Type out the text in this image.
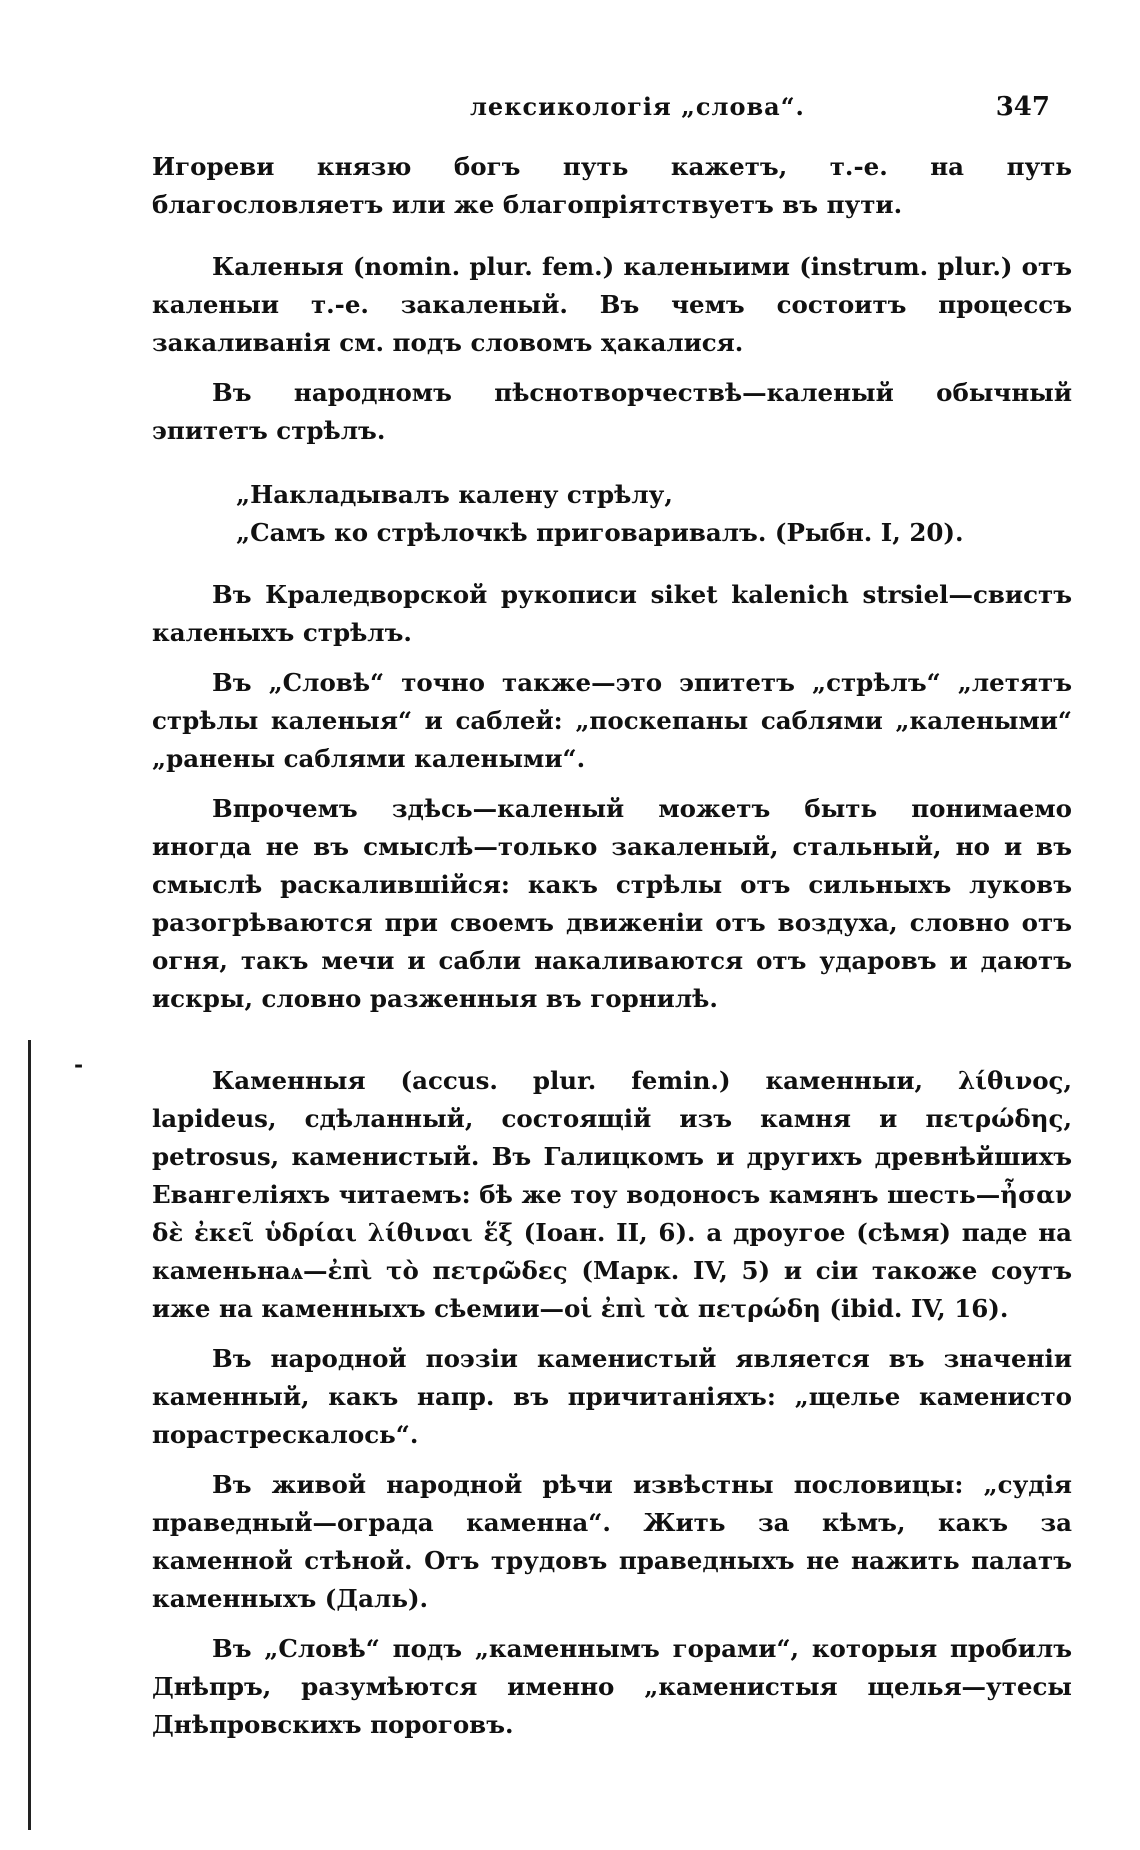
-
лексикологія „слова“.	347

Игореви князю богъ путь кажетъ, т.-е. на путь благословляетъ или же благопріятствуетъ въ пути.

Каленыя (nomin. plur. fem.) каленыими (instrum. plur.) отъ каленыи т.-е. закаленый. Въ чемъ состоитъ процессъ закаливанія см. подъ словомъ ҳакалися.

Въ народномъ пѣснотворчествѣ—каленый обычный эпитетъ стрѣлъ.

„Накладывалъ калену стрѣлу,

„Самъ ко стрѣлочкѣ приговаривалъ. (Рыбн. I, 20).

Въ Краледворской рукописи siket kalenich strsiel—свистъ каленыхъ стрѣлъ.

Въ „Словѣ“ точно также—это эпитетъ „стрѣлъ“ „летятъ стрѣлы каленыя“ и саблей: „поскепаны саблями „калеными“ „ранены саблями калеными“.

Впрочемъ здѣсь—каленый можетъ быть понимаемо иногда не въ смыслѣ—только закаленый, стальный, но и въ смыслѣ раскалившійся: какъ стрѣлы отъ сильныхъ луковъ разогрѣваются при своемъ движеніи отъ воздуха, словно отъ огня, такъ мечи и сабли накаливаются отъ ударовъ и даютъ искры, словно разженныя въ горнилѣ.

Каменныя (accus. plur. femin.) каменныи, λίθινος, lapideus, сдѣланный, состоящій изъ камня и πετρώδης, petrosus, каменистый. Въ Галицкомъ и другихъ древнѣйшихъ Евангеліяхъ читаемъ: бѣ же тоу водоносъ камянъ шесть—ἦσαν δὲ ἐκεῖ ὑδρίαι λίθιναι ἕξ (Іоан. II, 6). а дроугое (сѣмя) паде на каменьнаѧ—ἐπὶ τὸ πετρῶδες (Марк. IV, 5) и сіи такоже соутъ иже на каменныхъ сѣемии—οἱ ἐπὶ τὰ πετρώδη (ibid. IV, 16).

Въ народной поэзіи каменистый является въ значеніи каменный, какъ напр. въ причитаніяхъ: „щелье каменисто порастрескалось“.

Въ живой народной рѣчи извѣстны пословицы: „судія праведный—ограда каменна“. Жить за кѣмъ, какъ за каменной стѣной. Отъ трудовъ праведныхъ не нажить палатъ каменныхъ (Даль).

Въ „Словѣ“ подъ „каменнымъ горами“, которыя пробилъ Днѣпръ, разумѣются именно „каменистыя щелья—утесы Днѣпровскихъ пороговъ.
